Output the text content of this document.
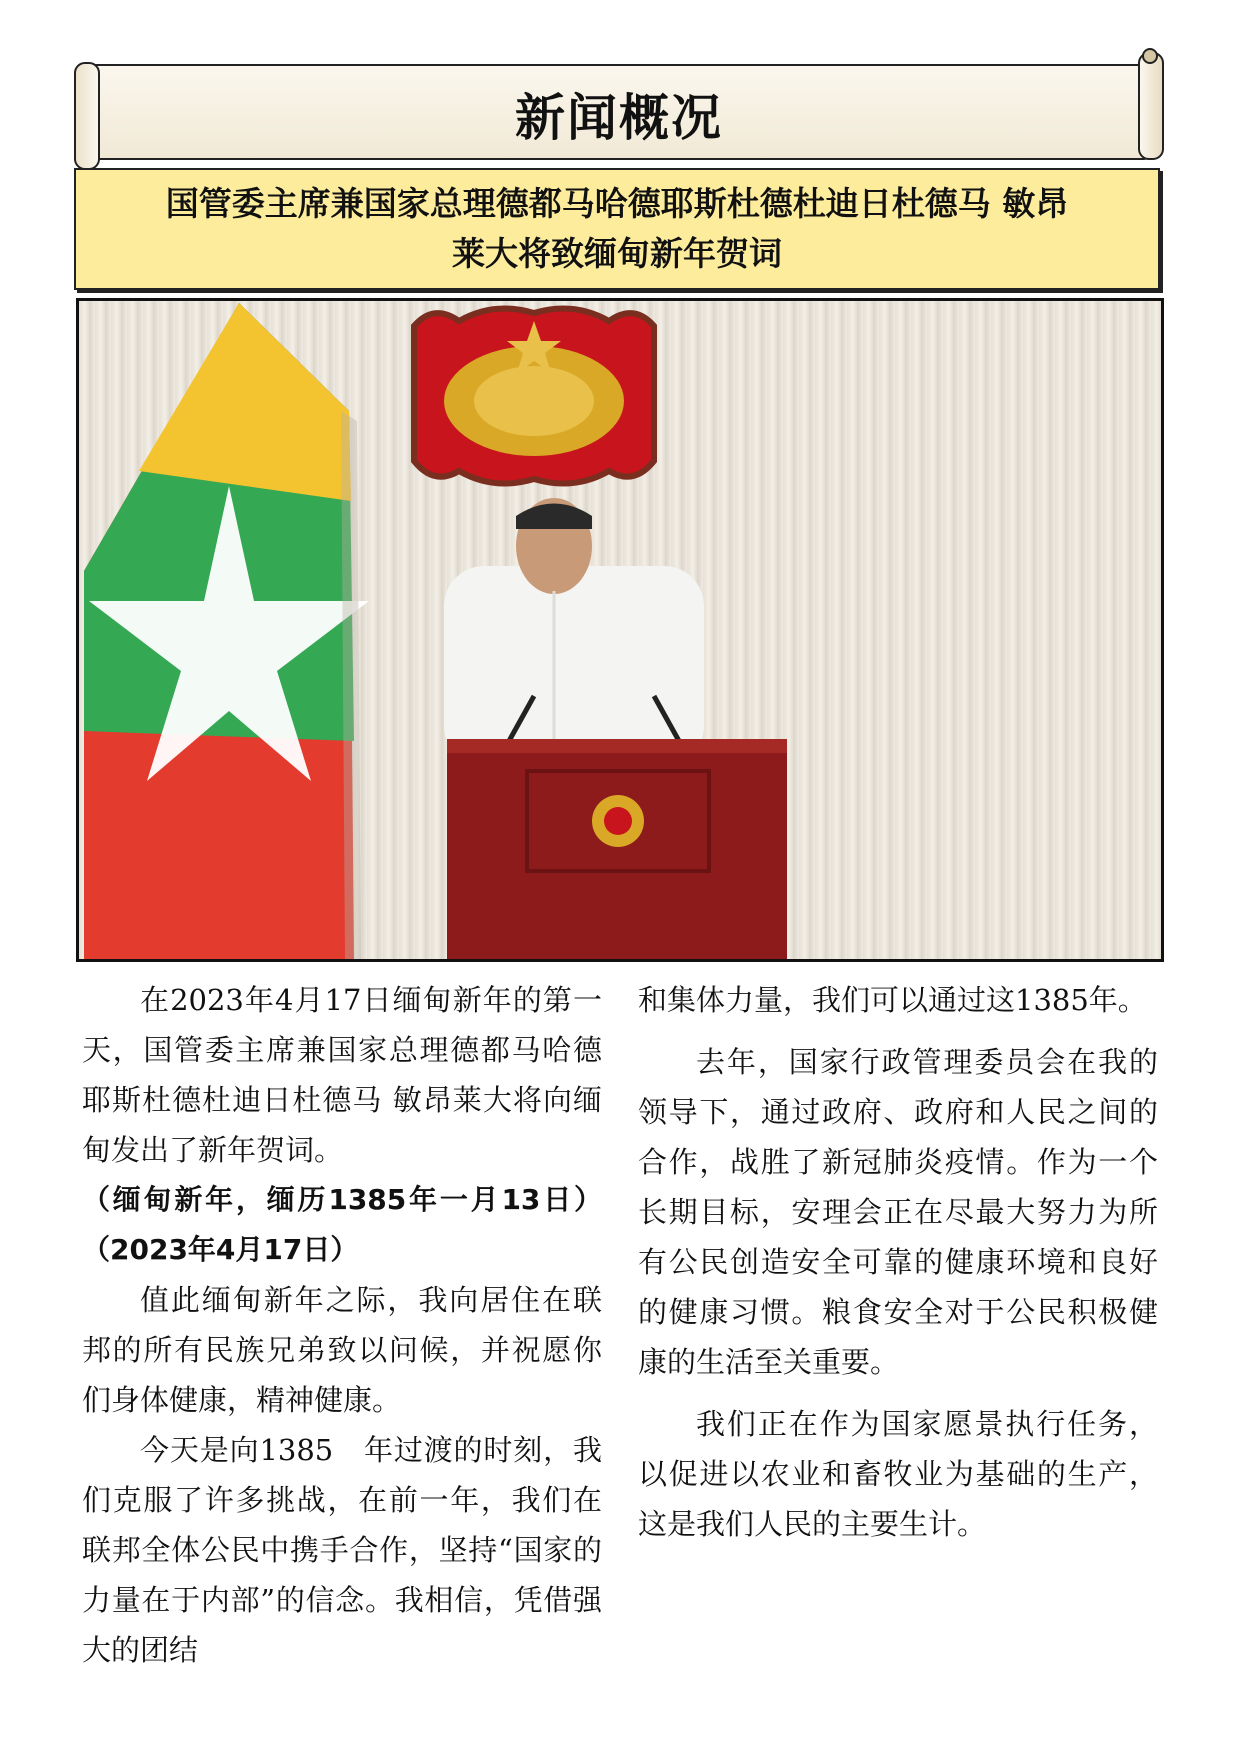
新闻概况
国管委主席兼国家总理德都马哈德耶斯杜德杜迪日杜德马 敏昂
莱大将致缅甸新年贺词

在2023年4月17日缅甸新年的第一天，国管委主席兼国家总理德都马哈德耶斯杜德杜迪日杜德马 敏昂莱大将向缅甸发出了新年贺词。

（缅甸新年，缅历1385年一月13日）（2023年4月17日）

值此缅甸新年之际，我向居住在联邦的所有民族兄弟致以问候，并祝愿你们身体健康，精神健康。

今天是向1385　年过渡的时刻，我们克服了许多挑战，在前一年，我们在联邦全体公民中携手合作，坚持“国家的力量在于内部”的信念。我相信，凭借强大的团结

和集体力量，我们可以通过这1385年。

去年，国家行政管理委员会在我的领导下，通过政府、政府和人民之间的合作，战胜了新冠肺炎疫情。作为一个长期目标，安理会正在尽最大努力为所有公民创造安全可靠的健康环境和良好的健康习惯。粮食安全对于公民积极健康的生活至关重要。

我们正在作为国家愿景执行任务，以促进以农业和畜牧业为基础的生产，这是我们人民的主要生计。
